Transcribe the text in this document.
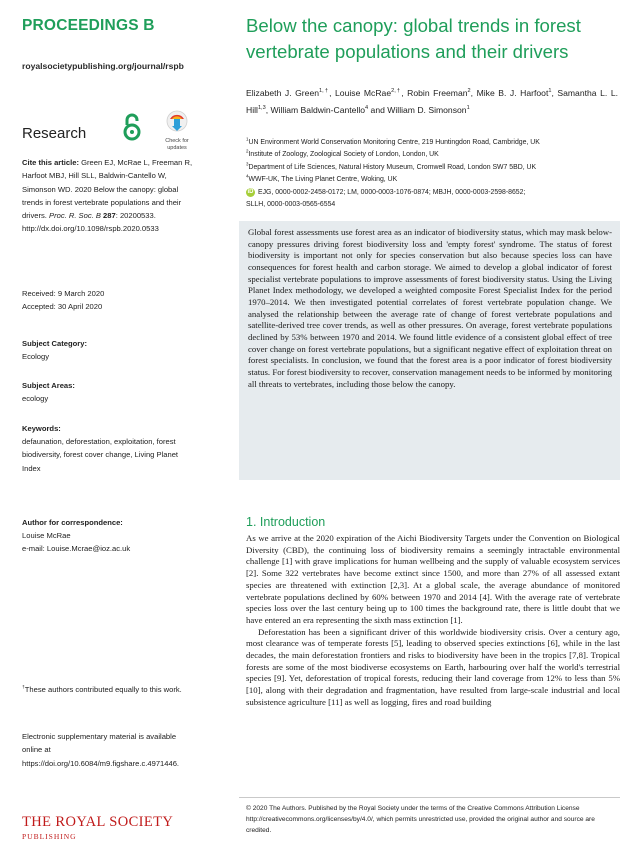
PROCEEDINGS B
royalsocietypublishing.org/journal/rspb
Research	Check for
updates
Cite this article: Green EJ, McRae L, Freeman R, Harfoot MBJ, Hill SLL, Baldwin-Cantello W, Simonson WD. 2020 Below the canopy: global trends in forest vertebrate populations and their drivers. Proc. R. Soc. B 287: 20200533. http://dx.doi.org/10.1098/rspb.2020.0533
Received: 9 March 2020
Accepted: 30 April 2020
Subject Category:
Ecology
Subject Areas:
ecology
Keywords:
defaunation, deforestation, exploitation, forest biodiversity, forest cover change, Living Planet Index
Author for correspondence:
Louise McRae
e-mail: Louise.Mcrae@ioz.ac.uk
†These authors contributed equally to this work.
Electronic supplementary material is available online at https://doi.org/10.6084/m9.figshare.c.4971446.
THE ROYAL SOCIETY
PUBLISHING
Below the canopy: global trends in forest vertebrate populations and their drivers
Elizabeth J. Green$^{1,\dagger}$, Louise McRae$^{2,\dagger}$, Robin Freeman$^2$, Mike B. J. Harfoot$^1$, Samantha L. L. Hill$^{1,3}$, William Baldwin-Cantello$^4$ and William D. Simonson$^1$
$^1$UN Environment World Conservation Monitoring Centre, 219 Huntingdon Road, Cambridge, UK
$^2$Institute of Zoology, Zoological Society of London, London, UK
$^3$Department of Life Sciences, Natural History Museum, Cromwell Road, London SW7 5BD, UK
$^4$WWF-UK, The Living Planet Centre, Woking, UK
iD EJG, 0000-0002-2458-0172; LM, 0000-0003-1076-0874; MBJH, 0000-0003-2598-8652;
SLLH, 0000-0003-0565-6554
Global forest assessments use forest area as an indicator of biodiversity status, which may mask below-canopy pressures driving forest biodiversity loss and 'empty forest' syndrome. The status of forest biodiversity is important not only for species conservation but also because species loss can have consequences for forest health and carbon storage. We aimed to develop a global indicator of forest specialist vertebrate populations to improve assessments of forest biodiversity status. Using the Living Planet Index methodology, we developed a weighted composite Forest Specialist Index for the period 1970–2014. We then investigated potential correlates of forest vertebrate population change. We analysed the relationship between the average rate of change of forest vertebrate populations and satellite-derived tree cover trends, as well as other pressures. On average, forest vertebrate populations declined by 53% between 1970 and 2014. We found little evidence of a consistent global effect of tree cover change on forest vertebrate populations, but a significant negative effect of exploitation threat on forest specialists. In conclusion, we found that the forest area is a poor indicator of forest biodiversity status. For forest biodiversity to recover, conservation management needs to be informed by monitoring all threats to vertebrates, including those below the canopy.
1. Introduction

As we arrive at the 2020 expiration of the Aichi Biodiversity Targets under the Convention on Biological Diversity (CBD), the continuing loss of biodiversity remains a seemingly intractable environmental challenge [1] with grave implications for human wellbeing and the supply of valuable ecosystem services [2]. Some 322 vertebrates have become extinct since 1500, and more than 27% of all assessed extant species are threatened with extinction [2,3]. At a global scale, the average abundance of monitored vertebrate populations declined by 60% between 1970 and 2014 [4]. With the average rate of vertebrate species loss over the last century being up to 100 times the background rate, there is little doubt that we have entered an era representing the sixth mass extinction [1].

Deforestation has been a significant driver of this worldwide biodiversity crisis. Over a century ago, most clearance was of temperate forests [5], leading to observed species extinctions [6], while in the last decades, the main deforestation frontiers and risks to biodiversity have been in the tropics [7,8]. Tropical forests are some of the most biodiverse ecosystems on Earth, harbouring over half the world's terrestrial species [9]. Yet, deforestation of tropical forests, reducing their land coverage from 12% to less than 5% [10], along with their degradation and fragmentation, have resulted from large-scale industrial and local subsistence agriculture [11] as well as logging, fires and road building

© 2020 The Authors. Published by the Royal Society under the terms of the Creative Commons Attribution License http://creativecommons.org/licenses/by/4.0/, which permits unrestricted use, provided the original author and source are credited.
